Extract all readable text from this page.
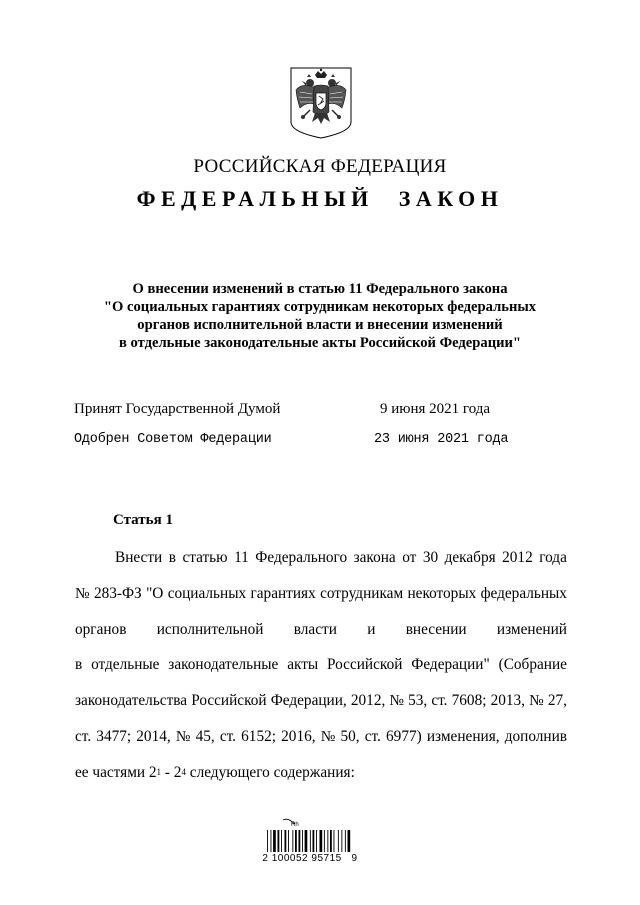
РОССИЙСКАЯ ФЕДЕРАЦИЯ
ФЕДЕРАЛЬНЫЙ ЗАКОН
О внесении изменений в статью 11 Федерального закона
"О социальных гарантиях сотрудникам некоторых федеральных
органов исполнительной власти и внесении изменений
в отдельные законодательные акты Российской Федерации"
Принят Государственной Думой	9 июня 2021 года
Одобрен Советом Федерации	23 июня 2021 года
Статья 1
Внести в статью 11 Федерального закона от 30 декабря 2012 года
№ 283-ФЗ "О социальных гарантиях сотрудникам некоторых федеральных
органов исполнительной власти и внесении изменений
в отдельные законодательные акты Российской Федерации" (Собрание
законодательства Российской Федерации, 2012, № 53, ст. 7608; 2013, № 27,
ст. 3477; 2014, № 45, ст. 6152; 2016, № 50, ст. 6977) изменения, дополнив
ее частями 2 1 - 2 4 следующего содержания:
Rh
2 100052 95715   9
